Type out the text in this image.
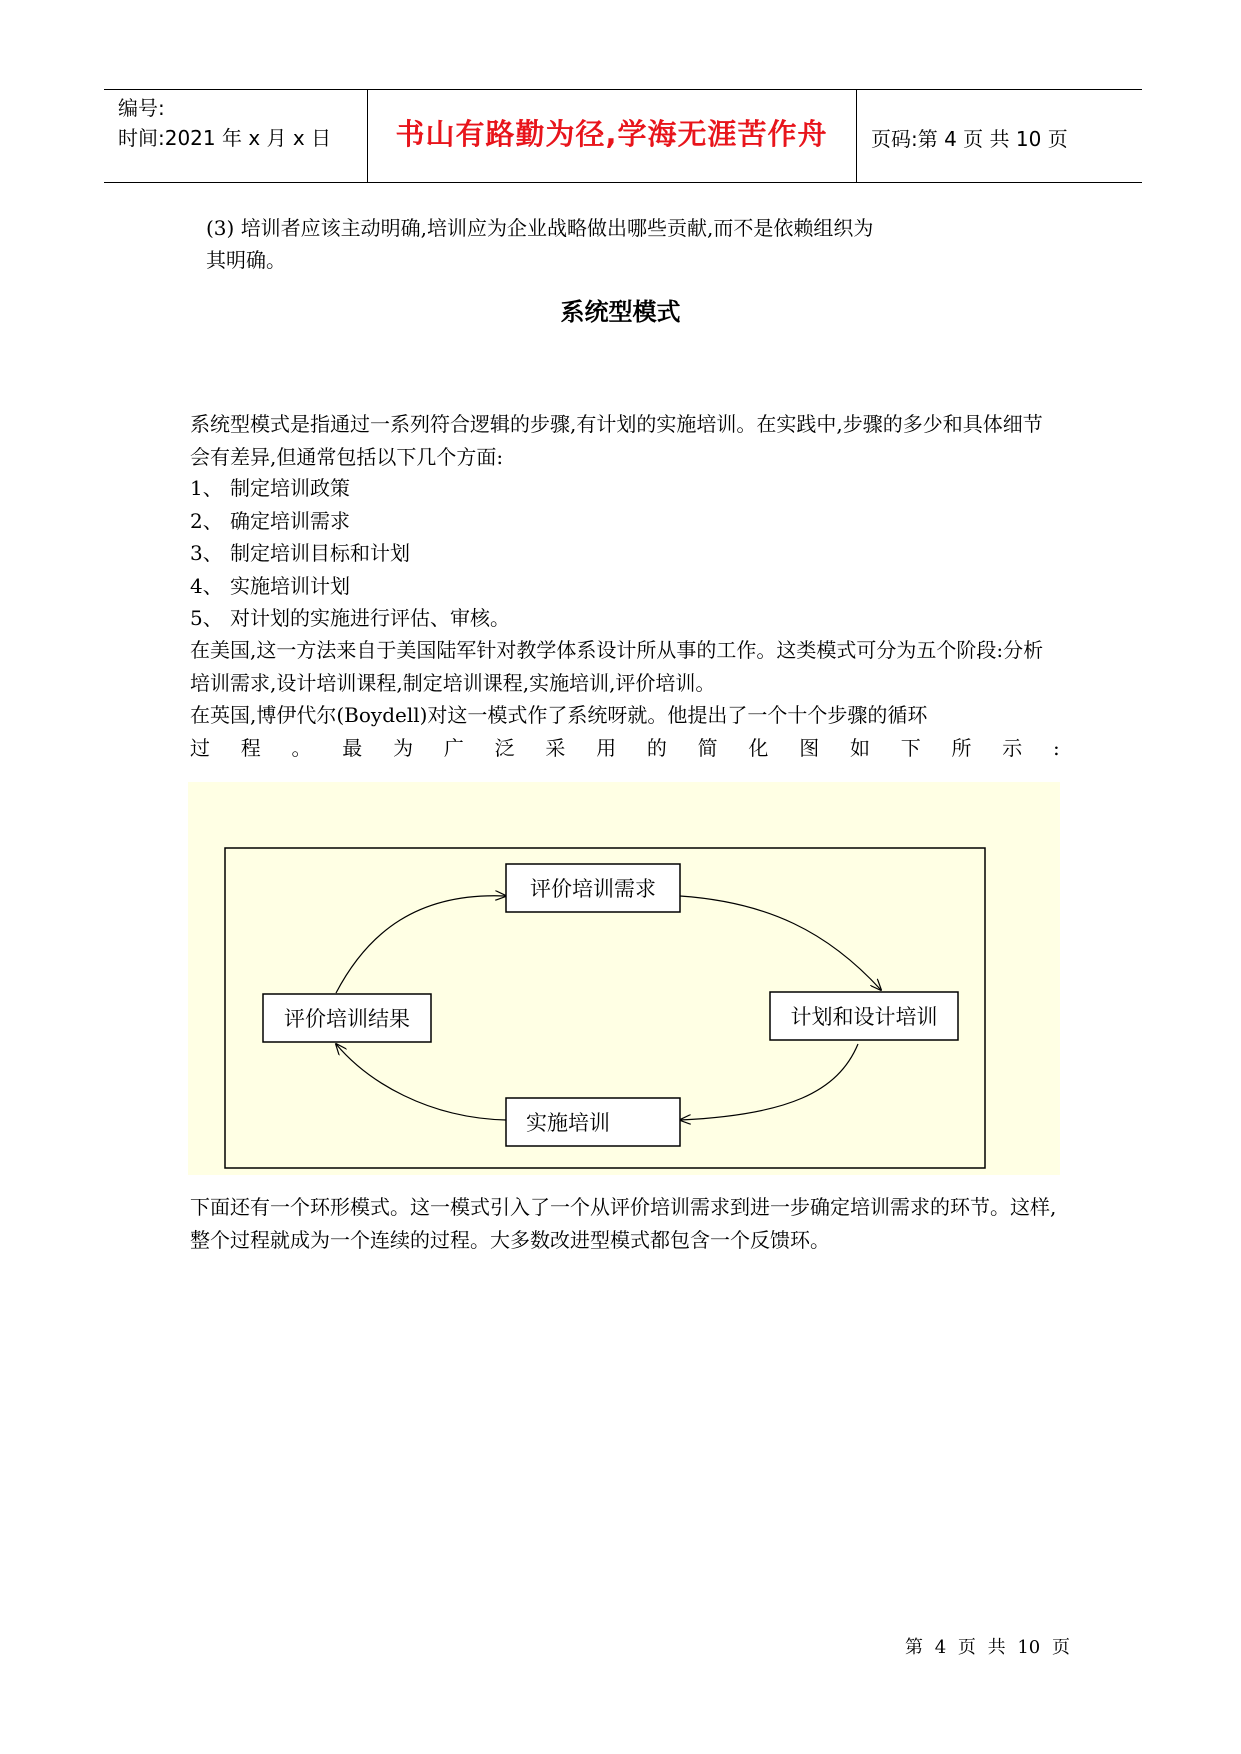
编号:
时间:2021 年 x 月 x 日	书山有路勤为径,学海无涯苦作舟	页码:第 4 页 共 10 页
(3) 培训者应该主动明确,培训应为企业战略做出哪些贡献,而不是依赖组织为
其明确。
系统型模式
系统型模式是指通过一系列符合逻辑的步骤,有计划的实施培训。在实践中,步骤的多少和具体细节会有差异,但通常包括以下几个方面:
1、 制定培训政策
2、 确定培训需求
3、 制定培训目标和计划
4、 实施培训计划
5、 对计划的实施进行评估、审核。
在美国,这一方法来自于美国陆军针对教学体系设计所从事的工作。这类模式可分为五个阶段:分析培训需求,设计培训课程,制定培训课程,实施培训,评价培训。
在英国,博伊代尔(Boydell)对这一模式作了系统呀就。他提出了一个十个步骤的循环
过 程 。 最 为 广 泛 采 用 的 简 化 图 如 下 所 示 :
评价培训需求
计划和设计培训
实施培训
评价培训结果
下面还有一个环形模式。这一模式引入了一个从评价培训需求到进一步确定培训需求的环节。这样,整个过程就成为一个连续的过程。大多数改进型模式都包含一个反馈环。
第 4 页 共 10 页
